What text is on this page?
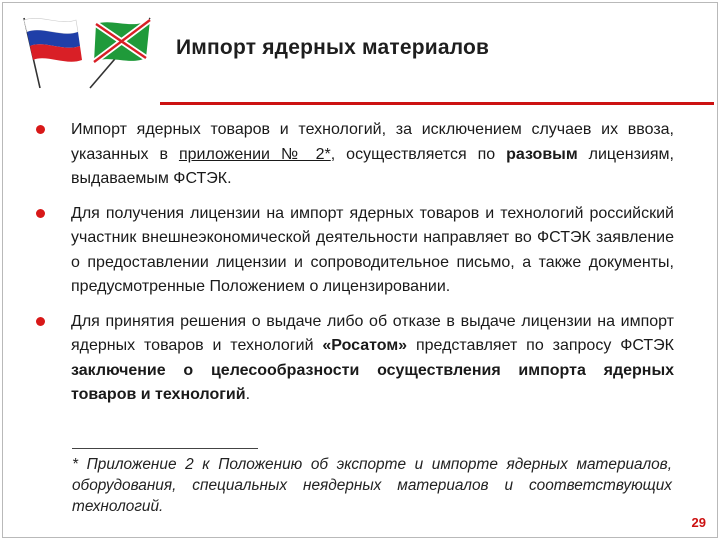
Импорт ядерных материалов
Импорт ядерных товаров и технологий, за исключением случаев их ввоза, указанных в приложении № 2*, осуществляется по разовым лицензиям, выдаваемым ФСТЭК.
Для получения лицензии на импорт ядерных товаров и технологий российский участник внешнеэкономической деятельности направляет во ФСТЭК заявление о предоставлении лицензии и сопроводительное письмо, а также документы, предусмотренные Положением о лицензировании.
Для принятия решения о выдаче либо об отказе в выдаче лицензии на импорт ядерных товаров и технологий «Росатом» представляет по запросу ФСТЭК заключение о целесообразности осуществления импорта ядерных товаров и технологий.
* Приложение 2 к Положению об экспорте и импорте ядерных материалов, оборудования, специальных неядерных материалов и соответствующих технологий.
29
